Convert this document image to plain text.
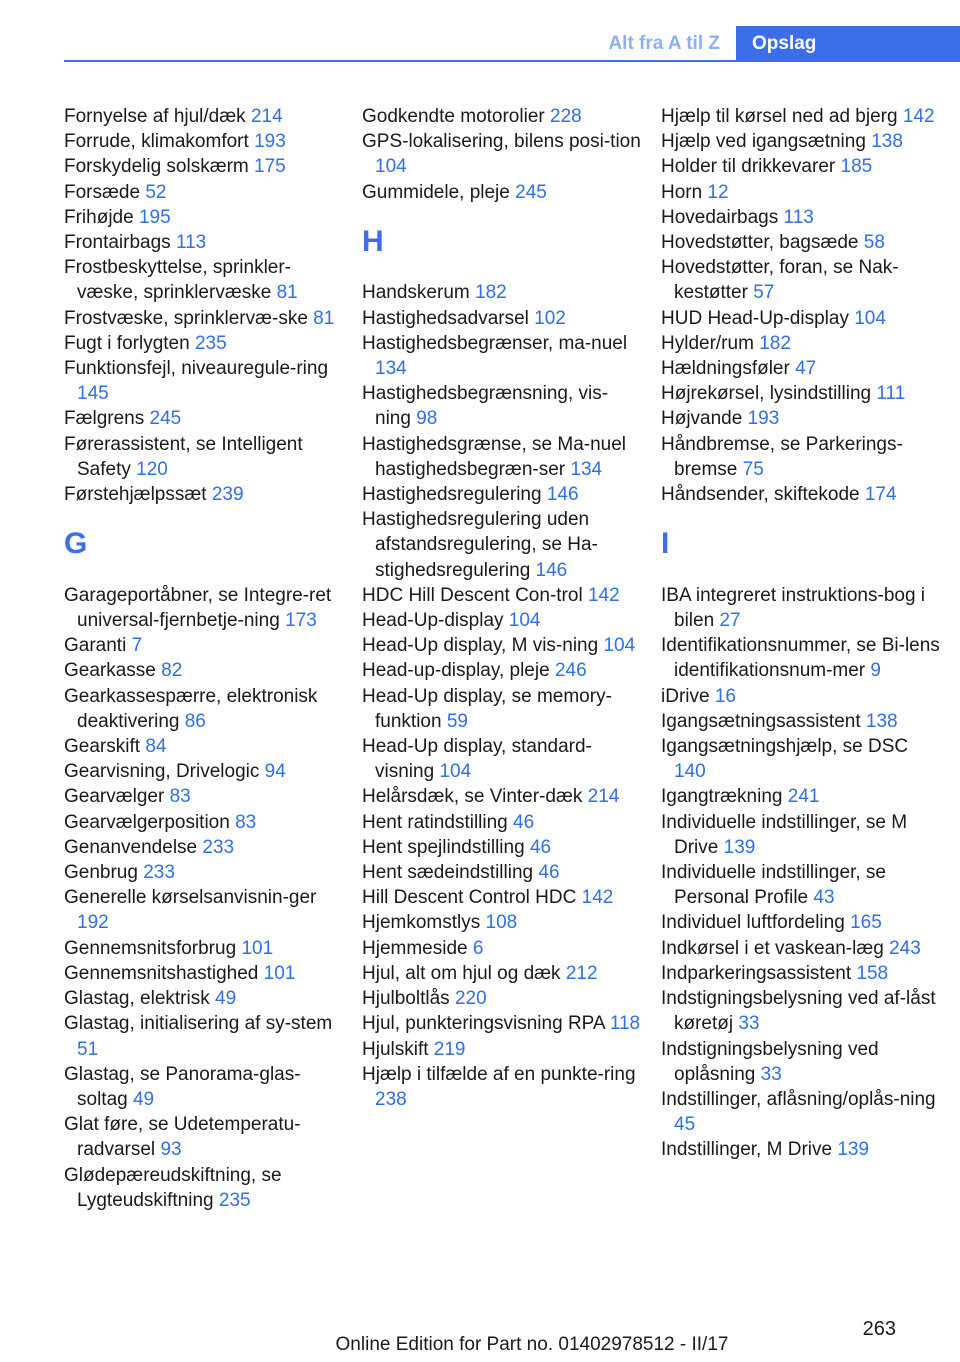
Alt fra A til Z	Opslag
Fornyelse af hjul/dæk 214
Forrude, klimakomfort 193
Forskydelig solskærm 175
Forsæde 52
Frihøjde 195
Frontairbags 113
Frostbeskyttelse, sprinkler-væske, sprinklervæske 81
Frostvæske, sprinklervæ-ske 81
Fugt i forlygten 235
Funktionsfejl, niveauregule-ring 145
Fælgrens 245
Førerassistent, se Intelligent Safety 120
Førstehjælpssæt 239
G
Garageportåbner, se Integre-ret universal-fjernbetje-ning 173
Garanti 7
Gearkasse 82
Gearkassespærre, elektronisk deaktivering 86
Gearskift 84
Gearvisning, Drivelogic 94
Gearvælger 83
Gearvælgerposition 83
Genanvendelse 233
Genbrug 233
Generelle kørselsanvisnin-ger 192
Gennemsnitsforbrug 101
Gennemsnitshastighed 101
Glastag, elektrisk 49
Glastag, initialisering af sy-stem 51
Glastag, se Panorama-glas-soltag 49
Glat føre, se Udetemperatu-radvarsel 93
Glødepæreudskiftning, se Lygteudskiftning 235
Godkendte motorolier 228
GPS-lokalisering, bilens posi-tion 104
Gummidele, pleje 245
H
Handskerum 182
Hastighedsadvarsel 102
Hastighedsbegrænser, ma-nuel 134
Hastighedsbegrænsning, vis-ning 98
Hastighedsgrænse, se Ma-nuel hastighedsbegræn-ser 134
Hastighedsregulering 146
Hastighedsregulering uden afstandsregulering, se Ha-stighedsregulering 146
HDC Hill Descent Con-trol 142
Head-Up-display 104
Head-Up display, M vis-ning 104
Head-up-display, pleje 246
Head-Up display, se memory-funktion 59
Head-Up display, standard-visning 104
Helårsdæk, se Vinter-dæk 214
Hent ratindstilling 46
Hent spejlindstilling 46
Hent sædeindstilling 46
Hill Descent Control HDC 142
Hjemkomstlys 108
Hjemmeside 6
Hjul, alt om hjul og dæk 212
Hjulboltlås 220
Hjul, punkteringsvisning RPA 118
Hjulskift 219
Hjælp i tilfælde af en punkte-ring 238
Hjælp til kørsel ned ad bjerg 142
Hjælp ved igangsætning 138
Holder til drikkevarer 185
Horn 12
Hovedairbags 113
Hovedstøtter, bagsæde 58
Hovedstøtter, foran, se Nak-kestøtter 57
HUD Head-Up-display 104
Hylder/rum 182
Hældningsføler 47
Højrekørsel, lysindstilling 111
Højvande 193
Håndbremse, se Parkerings-bremse 75
Håndsender, skiftekode 174
I
IBA integreret instruktions-bog i bilen 27
Identifikationsnummer, se Bi-lens identifikationsnum-mer 9
iDrive 16
Igangsætningsassistent 138
Igangsætningshjælp, se DSC 140
Igangtrækning 241
Individuelle indstillinger, se M Drive 139
Individuelle indstillinger, se Personal Profile 43
Individuel luftfordeling 165
Indkørsel i et vaskean-læg 243
Indparkeringsassistent 158
Indstigningsbelysning ved af-låst køretøj 33
Indstigningsbelysning ved oplåsning 33
Indstillinger, aflåsning/oplås-ning 45
Indstillinger, M Drive 139
263
Online Edition for Part no. 01402978512 - II/17
